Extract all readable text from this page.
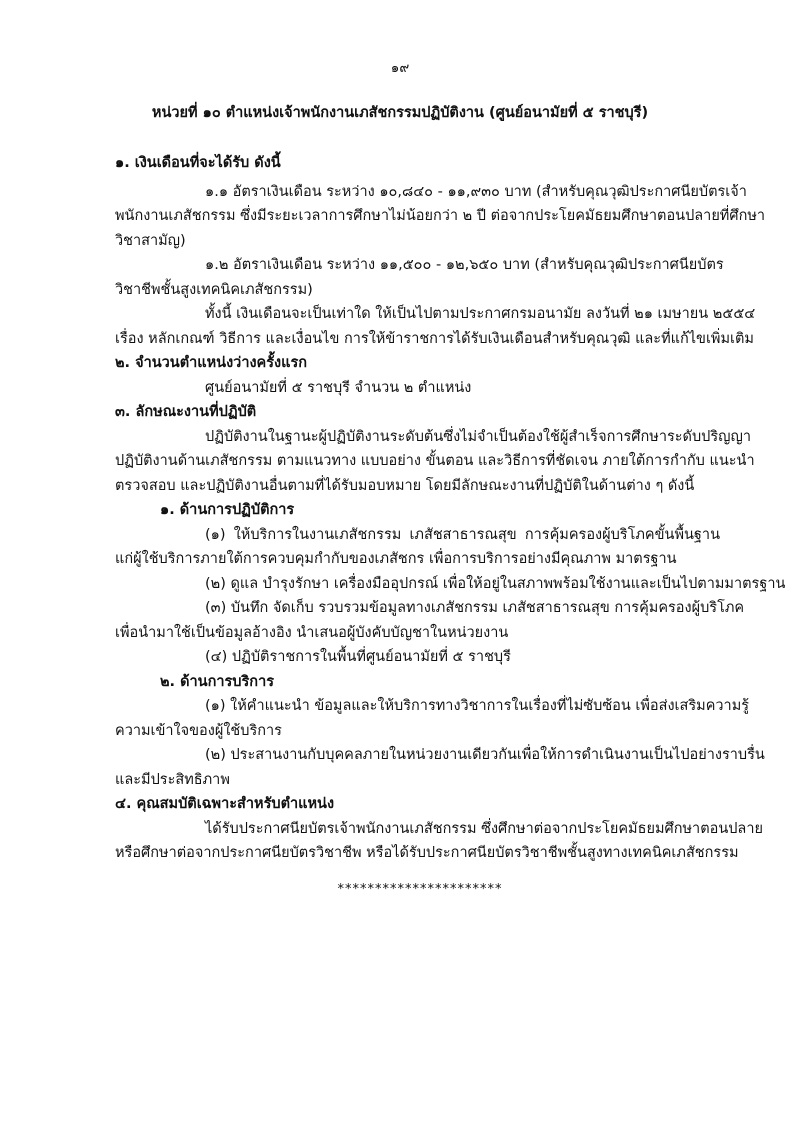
๑๙
หน่วยที่ ๑๐ ตำแหน่งเจ้าพนักงานเภสัชกรรมปฏิบัติงาน (ศูนย์อนามัยที่ ๕ ราชบุรี)
๑. เงินเดือนที่จะได้รับ ดังนี้
๑.๑ อัตราเงินเดือน ระหว่าง ๑๐,๘๔๐ - ๑๑,๙๓๐ บาท (สำหรับคุณวุฒิประกาศนียบัตรเจ้า
พนักงานเภสัชกรรม ซึ่งมีระยะเวลาการศึกษาไม่น้อยกว่า ๒ ปี ต่อจากประโยคมัธยมศึกษาตอนปลายที่ศึกษา
วิชาสามัญ)
๑.๒ อัตราเงินเดือน ระหว่าง ๑๑,๕๐๐ - ๑๒,๖๕๐ บาท (สำหรับคุณวุฒิประกาศนียบัตร
วิชาชีพชั้นสูงเทคนิคเภสัชกรรม)
ทั้งนี้ เงินเดือนจะเป็นเท่าใด ให้เป็นไปตามประกาศกรมอนามัย ลงวันที่ ๒๑ เมษายน ๒๕๕๔
เรื่อง หลักเกณฑ์ วิธีการ และเงื่อนไข การให้ข้าราชการได้รับเงินเดือนสำหรับคุณวุฒิ และที่แก้ไขเพิ่มเติม
๒. จำนวนตำแหน่งว่างครั้งแรก
ศูนย์อนามัยที่ ๕ ราชบุรี จำนวน ๒ ตำแหน่ง
๓. ลักษณะงานที่ปฏิบัติ
ปฏิบัติงานในฐานะผู้ปฏิบัติงานระดับต้นซึ่งไม่จำเป็นต้องใช้ผู้สำเร็จการศึกษาระดับปริญญา
ปฏิบัติงานด้านเภสัชกรรม ตามแนวทาง แบบอย่าง ขั้นตอน และวิธีการที่ชัดเจน ภายใต้การกำกับ แนะนำ
ตรวจสอบ และปฏิบัติงานอื่นตามที่ได้รับมอบหมาย โดยมีลักษณะงานที่ปฏิบัติในด้านต่าง ๆ ดังนี้
๑. ด้านการปฏิบัติการ
(๑) ให้บริการในงานเภสัชกรรม เภสัชสาธารณสุข การคุ้มครองผู้บริโภคขั้นพื้นฐาน
แก่ผู้ใช้บริการภายใต้การควบคุมกำกับของเภสัชกร เพื่อการบริการอย่างมีคุณภาพ มาตรฐาน
(๒) ดูแล บำรุงรักษา เครื่องมืออุปกรณ์ เพื่อให้อยู่ในสภาพพร้อมใช้งานและเป็นไปตามมาตรฐาน
(๓) บันทึก จัดเก็บ รวบรวมข้อมูลทางเภสัชกรรม เภสัชสาธารณสุข การคุ้มครองผู้บริโภค
เพื่อนำมาใช้เป็นข้อมูลอ้างอิง นำเสนอผู้บังคับบัญชาในหน่วยงาน
(๔) ปฏิบัติราชการในพื้นที่ศูนย์อนามัยที่ ๕ ราชบุรี
๒. ด้านการบริการ
(๑) ให้คำแนะนำ ข้อมูลและให้บริการทางวิชาการในเรื่องที่ไม่ซับซ้อน เพื่อส่งเสริมความรู้
ความเข้าใจของผู้ใช้บริการ
(๒) ประสานงานกับบุคคลภายในหน่วยงานเดียวกันเพื่อให้การดำเนินงานเป็นไปอย่างราบรื่น
และมีประสิทธิภาพ
๔. คุณสมบัติเฉพาะสำหรับตำแหน่ง
ได้รับประกาศนียบัตรเจ้าพนักงานเภสัชกรรม ซึ่งศึกษาต่อจากประโยคมัธยมศึกษาตอนปลาย
หรือศึกษาต่อจากประกาศนียบัตรวิชาชีพ หรือได้รับประกาศนียบัตรวิชาชีพชั้นสูงทางเทคนิคเภสัชกรรม
**********************
